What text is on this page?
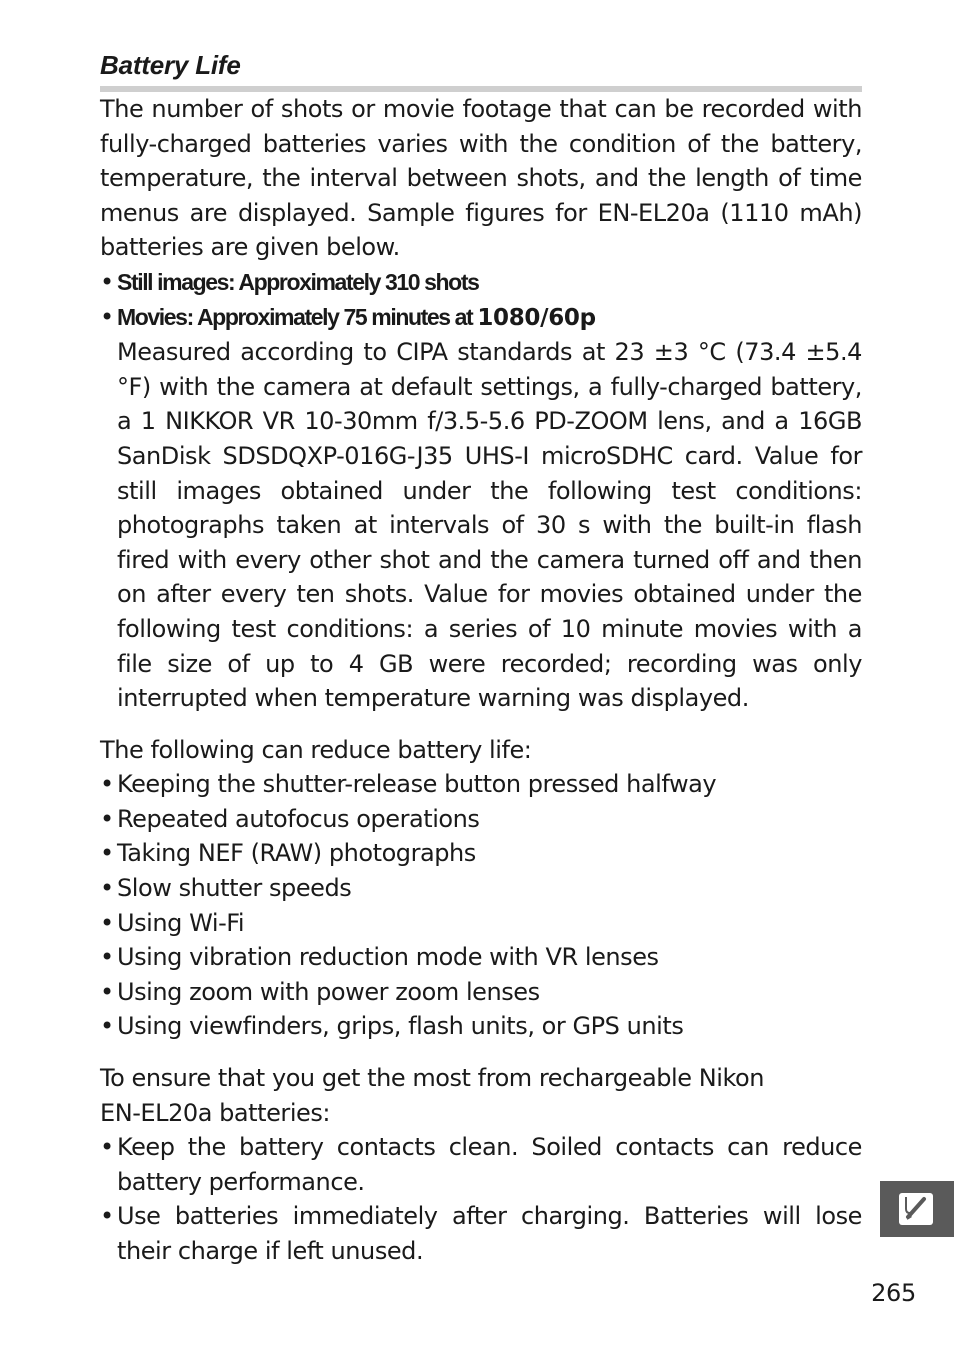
Battery Life

The number of shots or movie footage that can be recorded with fully-charged batteries varies with the condition of the battery, temperature, the interval between shots, and the length of time menus are displayed. Sample figures for EN-EL20a (1110 mAh) batteries are given below.

• Still images: Approximately 310 shots
• Movies: Approximately 75 minutes at 1080/60p

Measured according to CIPA standards at 23 ±3 °C (73.4 ±5.4 °F) with the camera at default settings, a fully-charged battery, a 1 NIKKOR VR 10-30mm f/3.5-5.6 PD-ZOOM lens, and a 16GB SanDisk SDSDQXP-016G-J35 UHS-I microSDHC card. Value for still images obtained under the following test conditions: photographs taken at intervals of 30 s with the built-in flash fired with every other shot and the camera turned off and then on after every ten shots. Value for movies obtained under the following test conditions: a series of 10 minute movies with a file size of up to 4 GB were recorded; recording was only interrupted when temperature warning was displayed.

The following can reduce battery life:

• Keeping the shutter-release button pressed halfway
• Repeated autofocus operations
• Taking NEF (RAW) photographs
• Slow shutter speeds
• Using Wi-Fi
• Using vibration reduction mode with VR lenses
• Using zoom with power zoom lenses
• Using viewfinders, grips, flash units, or GPS units

To ensure that you get the most from rechargeable Nikon
EN-EL20a batteries:

• Keep the battery contacts clean. Soiled contacts can reduce battery performance.
• Use batteries immediately after charging. Batteries will lose their charge if left unused.
265
